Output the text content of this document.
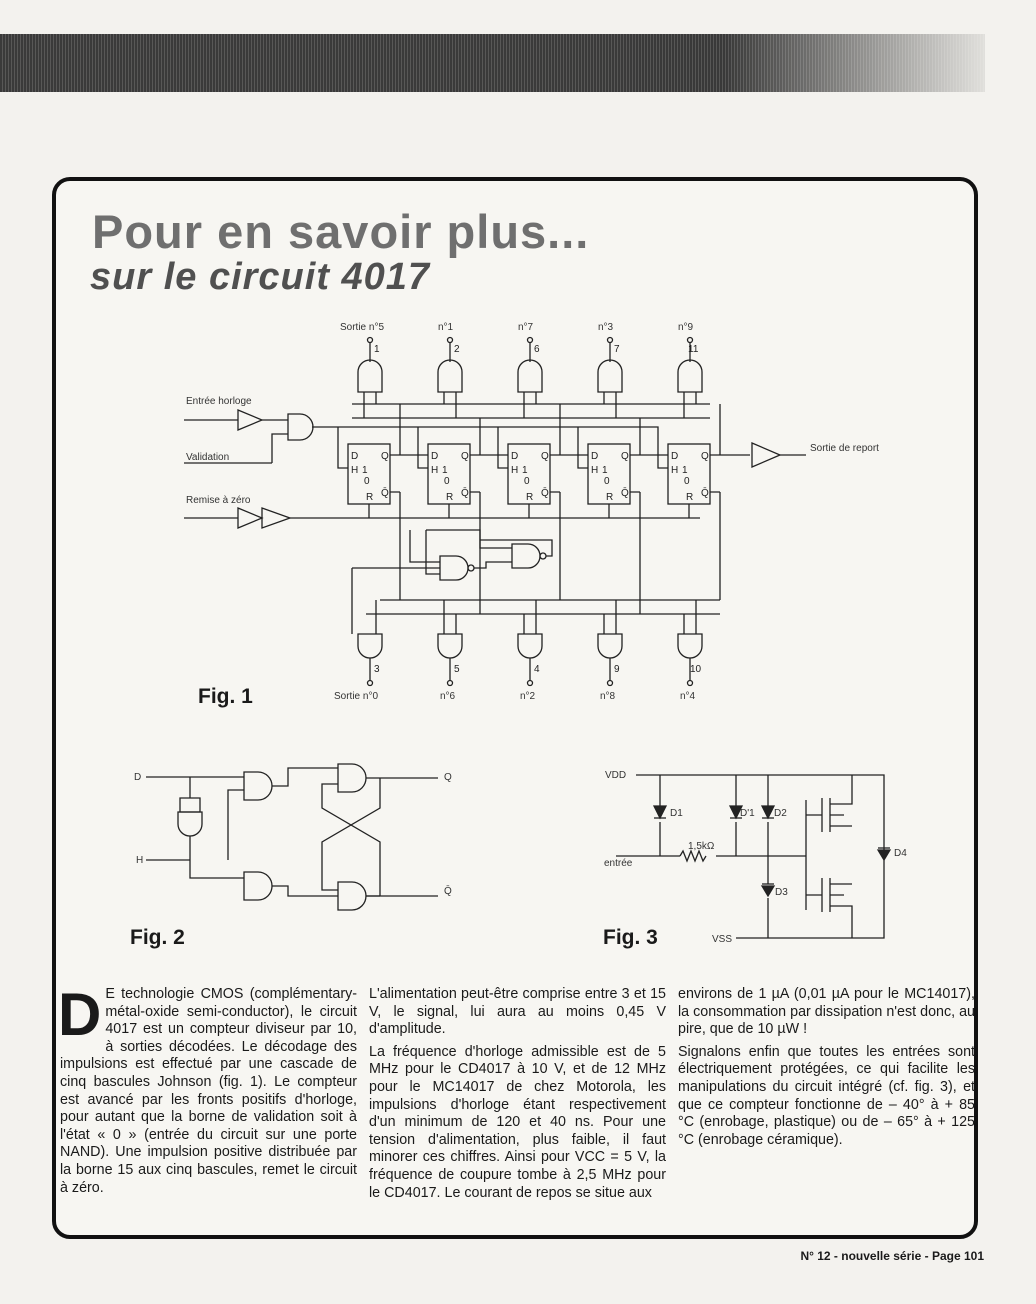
Pour en savoir plus...
sur le circuit 4017
Sortie n°5	n°1	n°7	n°3	n°9
1	2	6	7	11
Entrée horloge
Validation
Remise à zéro
D Q
H 1
0
R Q̄
D Q
H 1
0
R Q̄
D Q
H 1
0
R Q̄
D Q
H 1
0
R Q̄
D Q
H 1
0
R Q̄
Sortie de report
3	5	4	9	10
Sortie n°0	n°6	n°2	n°8	n°4
D
H
Q
Q̄
VDD
VSS
entrée
1,5kΩ
D1	D'1 D2
D3
D4
Fig. 1
Fig. 2	Fig. 3

D E technologie CMOS (complémentary-métal-oxide semi-conductor), le circuit 4017 est un compteur diviseur par 10, à sorties décodées. Le décodage des impulsions est effectué par une cascade de cinq bascules Johnson (fig. 1). Le compteur est avancé par les fronts positifs d'horloge, pour autant que la borne de validation soit à l'état « 0 » (entrée du circuit sur une porte NAND). Une impulsion positive distribuée par la borne 15 aux cinq bascules, remet le circuit à zéro.

L'alimentation peut-être comprise entre 3 et 15 V, le signal, lui aura au moins 0,45 V d'amplitude.

La fréquence d'horloge admissible est de 5 MHz pour le CD4017 à 10 V, et de 12 MHz pour le MC14017 de chez Motorola, les impulsions d'horloge étant respectivement d'un minimum de 120 et 40 ns. Pour une tension d'alimentation, plus faible, il faut minorer ces chiffres. Ainsi pour VCC = 5 V, la fréquence de coupure tombe à 2,5 MHz pour le CD4017. Le courant de repos se situe aux

environs de 1 µA (0,01 µA pour le MC14017), la consommation par dissipation n'est donc, au pire, que de 10 µW !

Signalons enfin que toutes les entrées sont électriquement protégées, ce qui facilite les manipulations du circuit intégré (cf. fig. 3), et que ce compteur fonctionne de – 40° à + 85 °C (enrobage, plastique) ou de – 65° à + 125 °C (enrobage céramique).

N° 12 - nouvelle série - Page 101
